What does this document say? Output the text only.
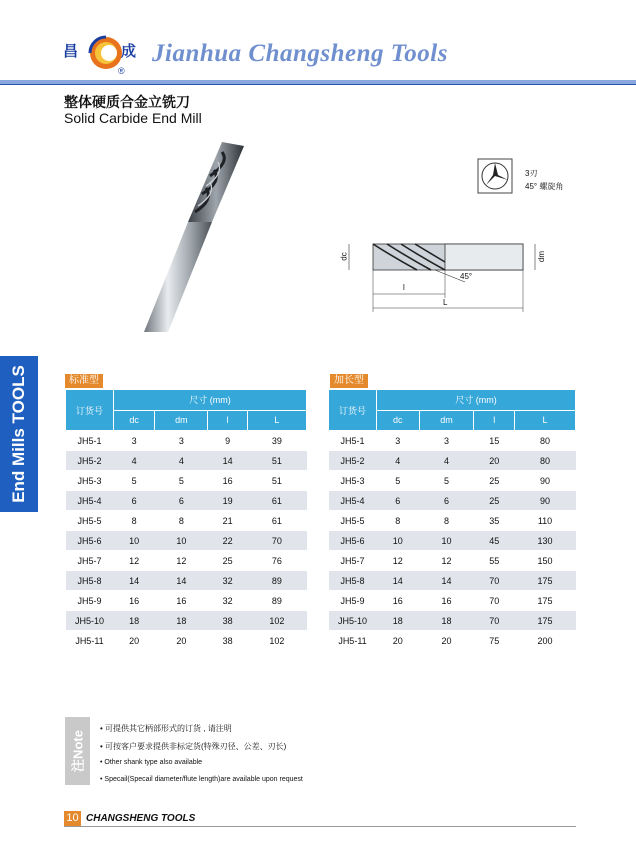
昌	成
®
Jianhua Changsheng Tools
整体硬质合金立铣刀
Solid Carbide End Mill
End Mills TOOLS
3刃
45° 螺旋角
dc	dm
45°
l
L
标准型
订货号	尺寸 (mm)			
	dc	dm	l	L
JH5-1	3	3	9	39
JH5-2	4	4	14	51
JH5-3	5	5	16	51
JH5-4	6	6	19	61
JH5-5	8	8	21	61
JH5-6	10	10	22	70
JH5-7	12	12	25	76
JH5-8	14	14	32	89
JH5-9	16	16	32	89
JH5-10	18	18	38	102
JH5-11	20	20	38	102
加长型
订货号	尺寸 (mm)			
	dc	dm	l	L
JH5-1	3	3	15	80
JH5-2	4	4	20	80
JH5-3	5	5	25	90
JH5-4	6	6	25	90
JH5-5	8	8	35	110
JH5-6	10	10	45	130
JH5-7	12	12	55	150
JH5-8	14	14	70	175
JH5-9	16	16	70	175
JH5-10	18	18	70	175
JH5-11	20	20	75	200
注Note
• 可提供其它柄部形式的订货 , 请注明
• 可按客户要求提供非标定货(特殊刃径、公差、刃长)
• Other shank type also available
• Specail(Specail diameter/flute length)are available upon request
10 CHANGSHENG TOOLS
